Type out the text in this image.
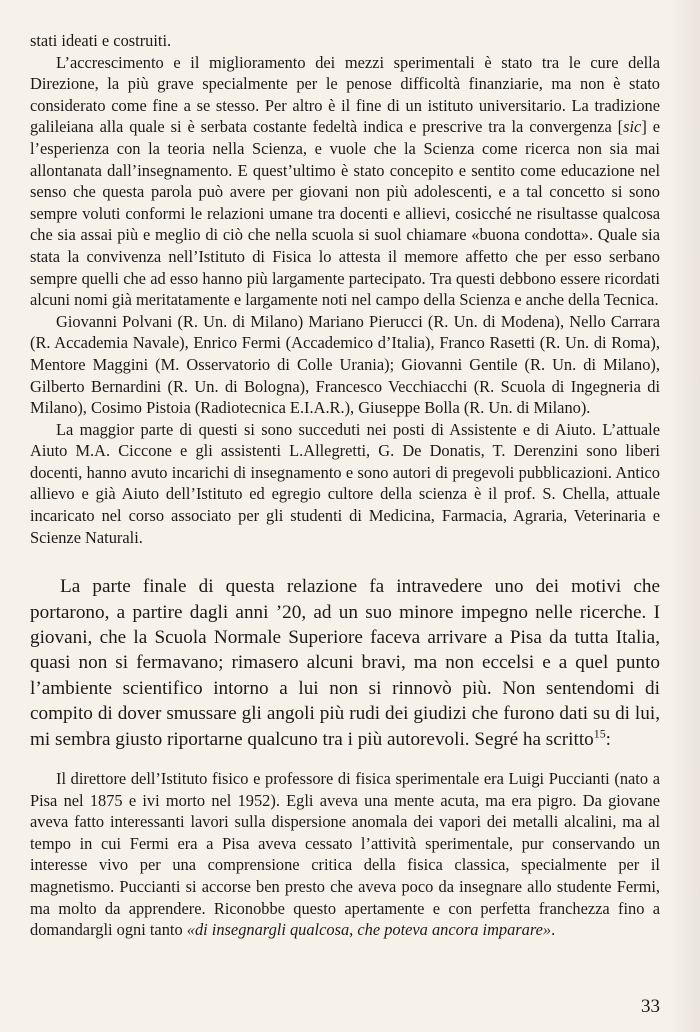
stati ideati e costruiti.

L’accrescimento e il miglioramento dei mezzi sperimentali è stato tra le cure della Direzione, la più grave specialmente per le penose difficoltà finanziarie, ma non è stato considerato come fine a se stesso. Per altro è il fine di un istituto universitario. La tradizione galileiana alla quale si è serbata costante fedeltà indica e prescrive tra la convergenza [sic] e l’esperienza con la teoria nella Scienza, e vuole che la Scienza come ricerca non sia mai allontanata dall’insegnamento. E quest’ultimo è stato concepito e sentito come educazione nel senso che questa parola può avere per giovani non più adolescenti, e a tal concetto si sono sempre voluti conformi le relazioni umane tra docenti e allievi, cosicché ne risultasse qualcosa che sia assai più e meglio di ciò che nella scuola si suol chiamare «buona condotta». Quale sia stata la convivenza nell’Istituto di Fisica lo attesta il memore affetto che per esso serbano sempre quelli che ad esso hanno più largamente partecipato. Tra questi debbono essere ricordati alcuni nomi già meritatamente e largamente noti nel campo della Scienza e anche della Tecnica.

Giovanni Polvani (R. Un. di Milano) Mariano Pierucci (R. Un. di Modena), Nello Carrara (R. Accademia Navale), Enrico Fermi (Accademico d’Italia), Franco Rasetti (R. Un. di Roma), Mentore Maggini (M. Osservatorio di Colle Urania); Giovanni Gentile (R. Un. di Milano), Gilberto Bernardini (R. Un. di Bologna), Francesco Vecchiacchi (R. Scuola di Ingegneria di Milano), Cosimo Pistoia (Radiotecnica E.I.A.R.), Giuseppe Bolla (R. Un. di Milano).

La maggior parte di questi si sono succeduti nei posti di Assistente e di Aiuto. L’attuale Aiuto M.A. Ciccone e gli assistenti L.Allegretti, G. De Donatis, T. Derenzini sono liberi docenti, hanno avuto incarichi di insegnamento e sono autori di pregevoli pubblicazioni. Antico allievo e già Aiuto dell’Istituto ed egregio cultore della scienza è il prof. S. Chella, attuale incaricato nel corso associato per gli studenti di Medicina, Farmacia, Agraria, Veterinaria e Scienze Naturali.

La parte finale di questa relazione fa intravedere uno dei motivi che portarono, a partire dagli anni ’20, ad un suo minore impegno nelle ricerche. I giovani, che la Scuola Normale Superiore faceva arrivare a Pisa da tutta Italia, quasi non si fermavano; rimasero alcuni bravi, ma non eccelsi e a quel punto l’ambiente scientifico intorno a lui non si rinnovò più. Non sentendomi di compito di dover smussare gli angoli più rudi dei giudizi che furono dati su di lui, mi sembra giusto riportarne qualcuno tra i più autorevoli. Segré ha scritto$^{15}$:

Il direttore dell’Istituto fisico e professore di fisica sperimentale era Luigi Puccianti (nato a Pisa nel 1875 e ivi morto nel 1952). Egli aveva una mente acuta, ma era pigro. Da giovane aveva fatto interessanti lavori sulla dispersione anomala dei vapori dei metalli alcalini, ma al tempo in cui Fermi era a Pisa aveva cessato l’attività sperimentale, pur conservando un interesse vivo per una comprensione critica della fisica classica, specialmente per il magnetismo. Puccianti si accorse ben presto che aveva poco da insegnare allo studente Fermi, ma molto da apprendere. Riconobbe questo apertamente e con perfetta franchezza fino a domandargli ogni tanto «di insegnargli qualcosa, che poteva ancora imparare».

33
